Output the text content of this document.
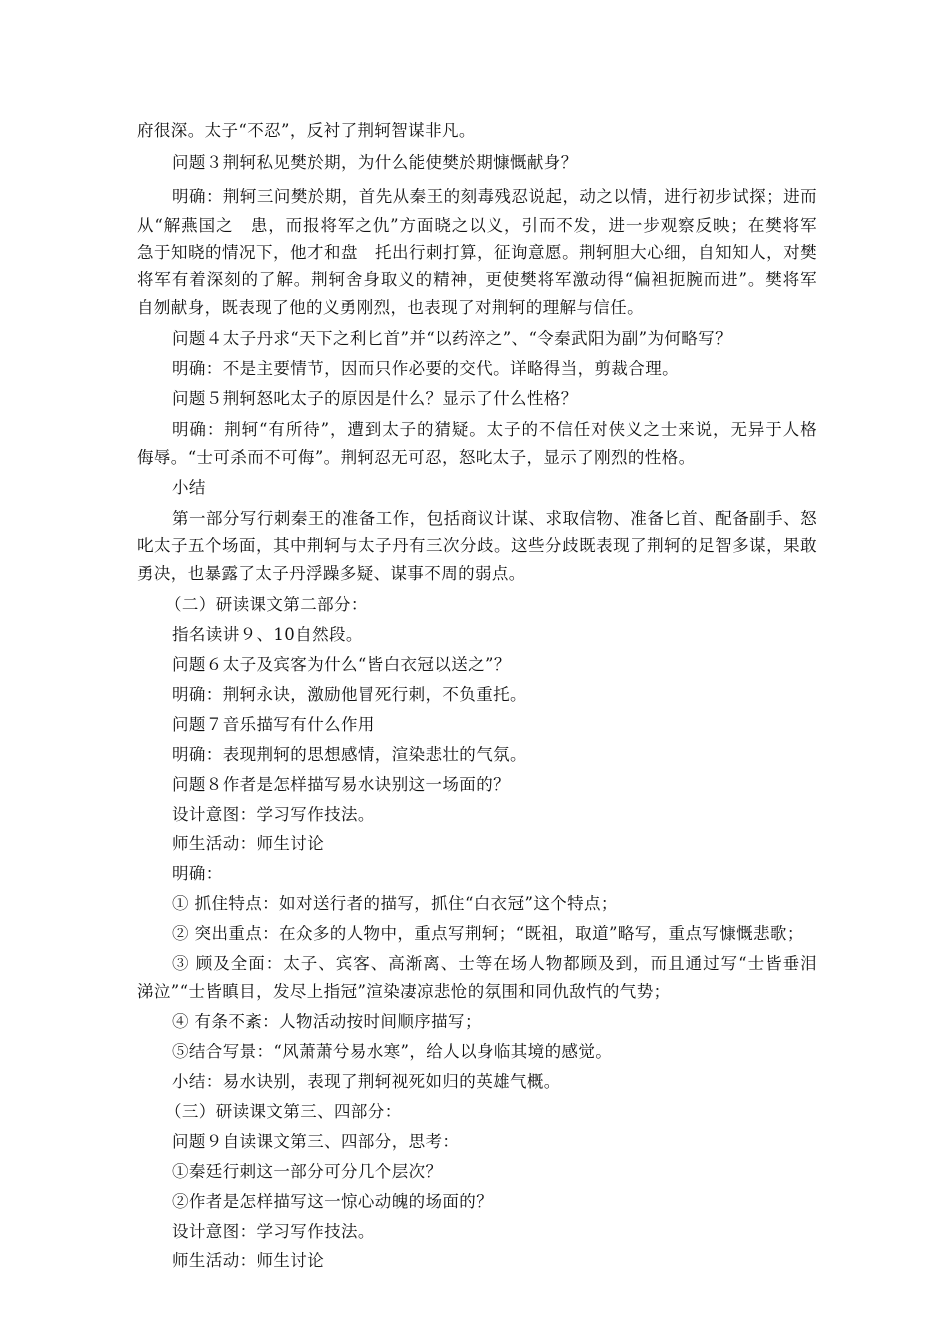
府很深。太子“不忍”，反衬了荆轲智谋非凡。
问题３荆轲私见樊於期，为什么能使樊於期慷慨献身？
明确：荆轲三问樊於期，首先从秦王的刻毒残忍说起，动之以情，进行初步试探；进而
从“解燕国之　患，而报将军之仇”方面晓之以义，引而不发，进一步观察反映；在樊将军
急于知晓的情况下，他才和盘　托出行刺打算，征询意愿。荆轲胆大心细，自知知人，对樊
将军有着深刻的了解。荆轲舍身取义的精神，更使樊将军激动得“偏袒扼腕而进”。樊将军
自刎献身，既表现了他的义勇刚烈，也表现了对荆轲的理解与信任。
问题４太子丹求“天下之利匕首”并“以药淬之”、“令秦武阳为副”为何略写？
明确：不是主要情节，因而只作必要的交代。详略得当，剪裁合理。
问题５荆轲怒叱太子的原因是什么？显示了什么性格？
明确：荆轲“有所待”，遭到太子的猜疑。太子的不信任对侠义之士来说，无异于人格
侮辱。“士可杀而不可侮”。荆轲忍无可忍，怒叱太子，显示了刚烈的性格。
小结
第一部分写行刺秦王的准备工作，包括商议计谋、求取信物、准备匕首、配备副手、怒
叱太子五个场面，其中荆轲与太子丹有三次分歧。这些分歧既表现了荆轲的足智多谋，果敢
勇决，也暴露了太子丹浮躁多疑、谋事不周的弱点。
（二）研读课文第二部分：
指名读讲９、10自然段。
问题６太子及宾客为什么“皆白衣冠以送之”？
明确：荆轲永诀，激励他冒死行刺，不负重托。
问题７音乐描写有什么作用
明确：表现荆轲的思想感情，渲染悲壮的气氛。
问题８作者是怎样描写易水诀别这一场面的？
设计意图：学习写作技法。
师生活动：师生讨论
明确：
① 抓住特点：如对送行者的描写，抓住“白衣冠”这个特点；
② 突出重点：在众多的人物中，重点写荆轲；“既祖，取道”略写，重点写慷慨悲歌；
③ 顾及全面：太子、宾客、高渐离、士等在场人物都顾及到，而且通过写“士皆垂泪
涕泣”“士皆瞋目，发尽上指冠”渲染凄凉悲怆的氛围和同仇敌忾的气势；
④ 有条不紊：人物活动按时间顺序描写；
⑤结合写景：“风萧萧兮易水寒”，给人以身临其境的感觉。
小结：易水诀别，表现了荆轲视死如归的英雄气概。
（三）研读课文第三、四部分：
问题９自读课文第三、四部分，思考：
①秦廷行刺这一部分可分几个层次？
②作者是怎样描写这一惊心动魄的场面的？
设计意图：学习写作技法。
师生活动：师生讨论
